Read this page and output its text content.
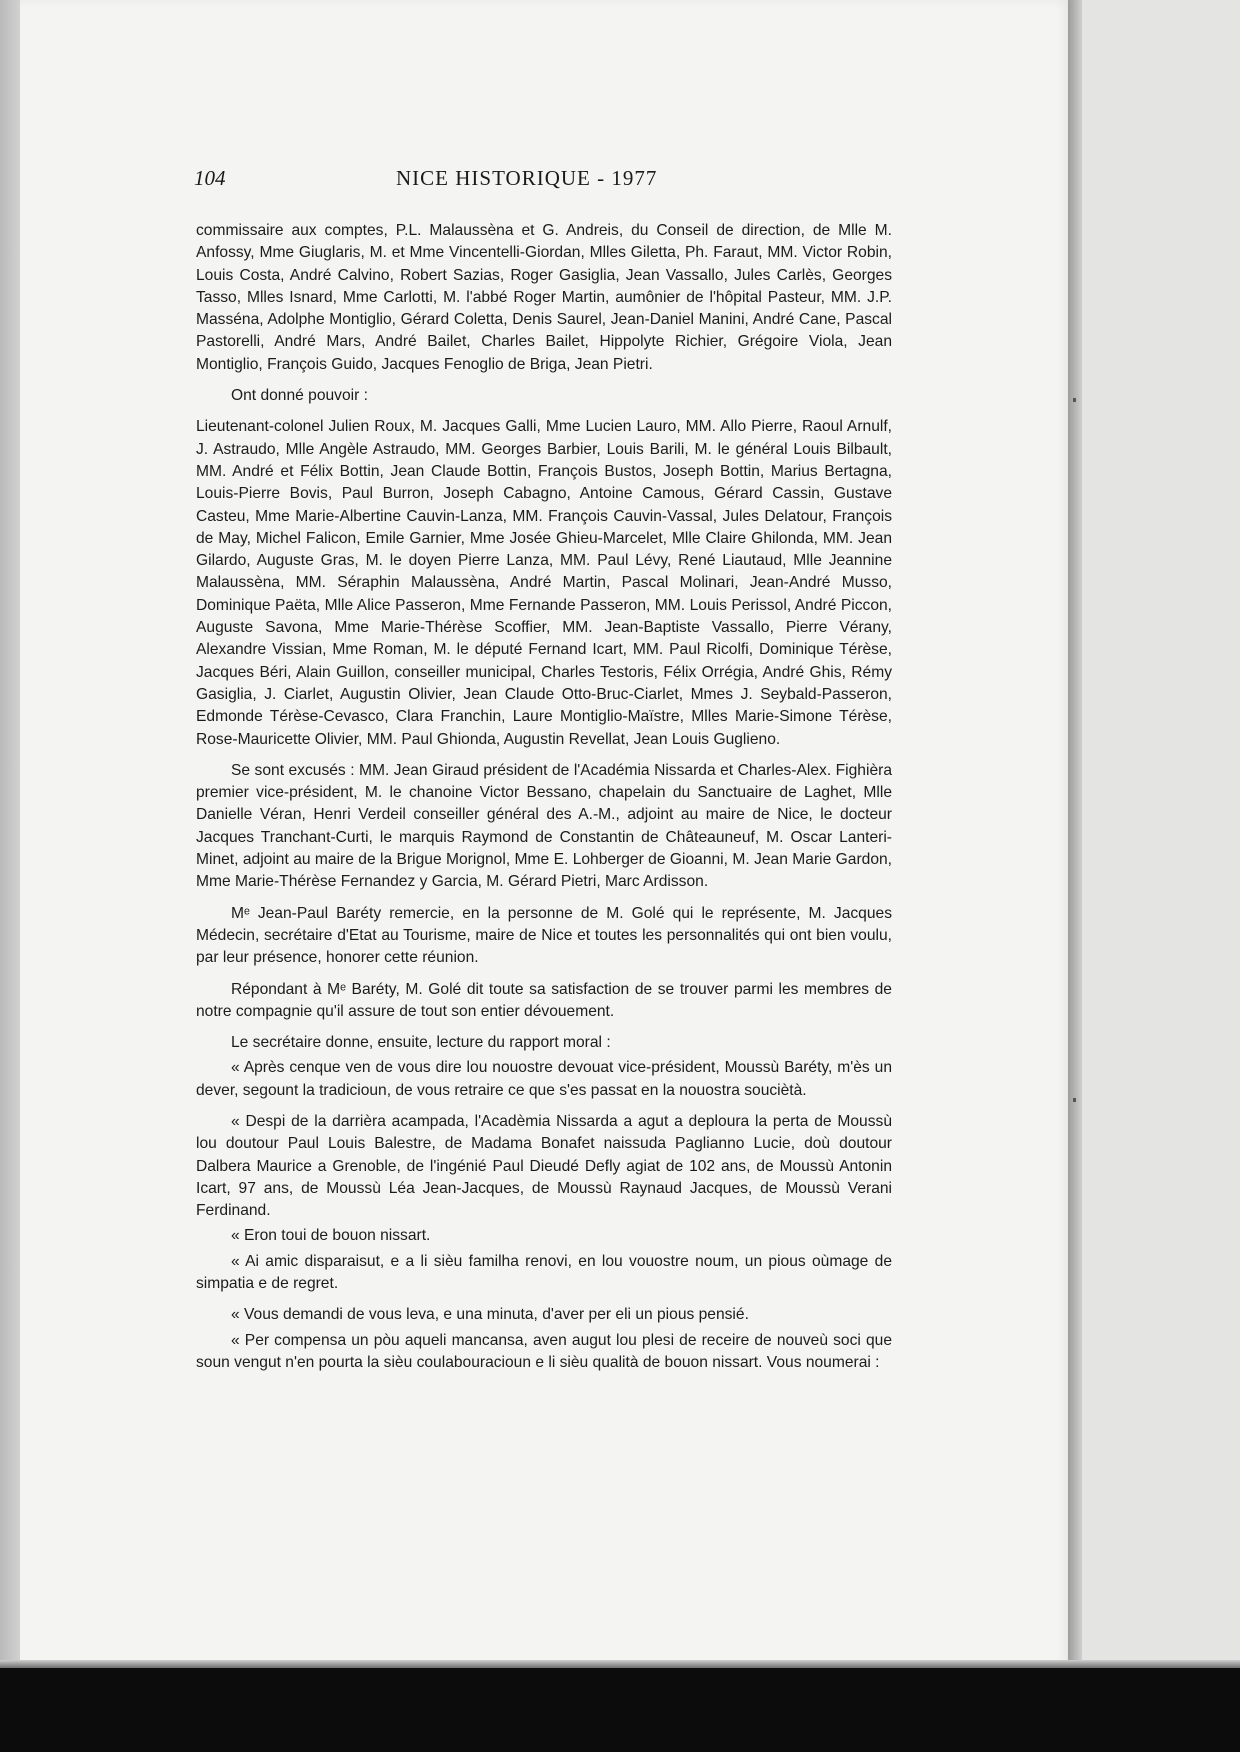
104	NICE HISTORIQUE - 1977

commissaire aux comptes, P.L. Malaussèna et G. Andreis, du Conseil de direction, de Mlle M. Anfossy, Mme Giuglaris, M. et Mme Vincentelli-Giordan, Mlles Giletta, Ph. Faraut, MM. Victor Robin, Louis Costa, André Calvino, Robert Sazias, Roger Gasiglia, Jean Vassallo, Jules Carlès, Georges Tasso, Mlles Isnard, Mme Carlotti, M. l'abbé Roger Martin, aumônier de l'hôpital Pasteur, MM. J.P. Masséna, Adolphe Montiglio, Gérard Coletta, Denis Saurel, Jean-Daniel Manini, André Cane, Pascal Pastorelli, André Mars, André Bailet, Charles Bailet, Hippolyte Richier, Grégoire Viola, Jean Montiglio, François Guido, Jacques Fenoglio de Briga, Jean Pietri.

Ont donné pouvoir :

Lieutenant-colonel Julien Roux, M. Jacques Galli, Mme Lucien Lauro, MM. Allo Pierre, Raoul Arnulf, J. Astraudo, Mlle Angèle Astraudo, MM. Georges Barbier, Louis Barili, M. le général Louis Bilbault, MM. André et Félix Bottin, Jean Claude Bottin, François Bustos, Joseph Bottin, Marius Bertagna, Louis-Pierre Bovis, Paul Burron, Joseph Cabagno, Antoine Camous, Gérard Cassin, Gustave Casteu, Mme Marie-Albertine Cauvin-Lanza, MM. François Cauvin-Vassal, Jules Delatour, François de May, Michel Falicon, Emile Garnier, Mme Josée Ghieu-Marcelet, Mlle Claire Ghilonda, MM. Jean Gilardo, Auguste Gras, M. le doyen Pierre Lanza, MM. Paul Lévy, René Liautaud, Mlle Jeannine Malaussèna, MM. Séraphin Malaussèna, André Martin, Pascal Molinari, Jean-André Musso, Dominique Paëta, Mlle Alice Passeron, Mme Fernande Passeron, MM. Louis Perissol, André Piccon, Auguste Savona, Mme Marie-Thérèse Scoffier, MM. Jean-Baptiste Vassallo, Pierre Vérany, Alexandre Vissian, Mme Roman, M. le député Fernand Icart, MM. Paul Ricolfi, Dominique Térèse, Jacques Béri, Alain Guillon, conseiller municipal, Charles Testoris, Félix Orrégia, André Ghis, Rémy Gasiglia, J. Ciarlet, Augustin Olivier, Jean Claude Otto-Bruc-Ciarlet, Mmes J. Seybald-Passeron, Edmonde Térèse-Cevasco, Clara Franchin, Laure Montiglio-Maïstre, Mlles Marie-Simone Térèse, Rose-Mauricette Olivier, MM. Paul Ghionda, Augustin Revellat, Jean Louis Guglieno.

Se sont excusés : MM. Jean Giraud président de l'Académia Nissarda et Charles-Alex. Fighièra premier vice-président, M. le chanoine Victor Bessano, chapelain du Sanctuaire de Laghet, Mlle Danielle Véran, Henri Verdeil conseiller général des A.-M., adjoint au maire de Nice, le docteur Jacques Tranchant-Curti, le marquis Raymond de Constantin de Châteauneuf, M. Oscar Lanteri-Minet, adjoint au maire de la Brigue Morignol, Mme E. Lohberger de Gioanni, M. Jean Marie Gardon, Mme Marie-Thérèse Fernandez y Garcia, M. Gérard Pietri, Marc Ardisson.

Mᵉ Jean-Paul Baréty remercie, en la personne de M. Golé qui le représente, M. Jacques Médecin, secrétaire d'Etat au Tourisme, maire de Nice et toutes les personnalités qui ont bien voulu, par leur présence, honorer cette réunion.

Répondant à Mᵉ Baréty, M. Golé dit toute sa satisfaction de se trouver parmi les membres de notre compagnie qu'il assure de tout son entier dévouement.

Le secrétaire donne, ensuite, lecture du rapport moral :

« Après cenque ven de vous dire lou nouostre devouat vice-président, Moussù Baréty, m'ès un dever, segount la tradicioun, de vous retraire ce que s'es passat en la nouostra souciètà.

« Despi de la darrièra acampada, l'Acadèmia Nissarda a agut a deploura la perta de Moussù lou doutour Paul Louis Balestre, de Madama Bonafet naissuda Paglianno Lucie, doù doutour Dalbera Maurice a Grenoble, de l'ingénié Paul Dieudé Defly agiat de 102 ans, de Moussù Antonin Icart, 97 ans, de Moussù Léa Jean-Jacques, de Moussù Raynaud Jacques, de Moussù Verani Ferdinand.

« Eron toui de bouon nissart.

« Ai amic disparaisut, e a li sièu familha renovi, en lou vouostre noum, un pious oùmage de simpatia e de regret.

« Vous demandi de vous leva, e una minuta, d'aver per eli un pious pensié.

« Per compensa un pòu aqueli mancansa, aven augut lou plesi de receire de nouveù soci que soun vengut n'en pourta la sièu coulabouracioun e li sièu qualità de bouon nissart. Vous noumerai :
